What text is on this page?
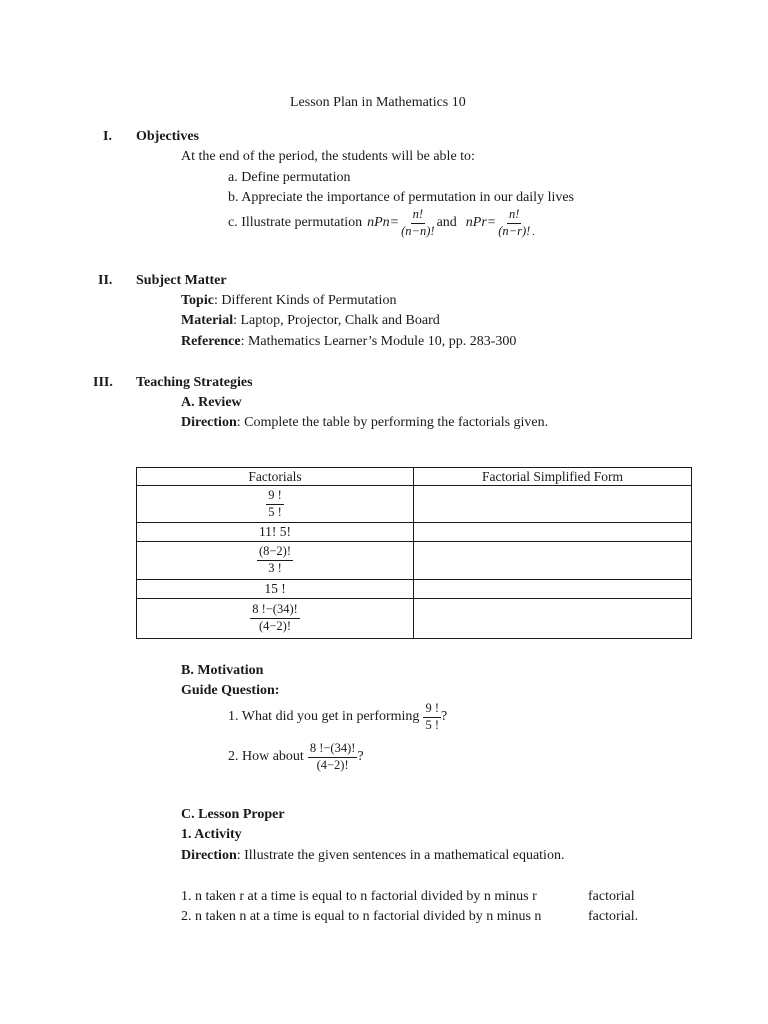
Lesson Plan in Mathematics 10
I. Objectives
At the end of the period, the students will be able to:
a. Define permutation
b. Appreciate the importance of permutation in our daily lives
c. Illustrate permutation $nPn= \frac{n!}{(n-n)!}$ and $nPr= \frac{n!}{(n-r)!}$ .
II. Subject Matter
Topic: Different Kinds of Permutation
Material: Laptop, Projector, Chalk and Board
Reference: Mathematics Learner’s Module 10, pp. 283-300
III. Teaching Strategies
A. Review
Direction: Complete the table by performing the factorials given.
Factorials	Factorial Simplified Form

$\frac{9 !}{5 !}$

11! 5!	

$\frac{(8-2)!}{3 !}$

15 !	

$\frac{8 !-(34)!}{(4-2)!}$

B. Motivation
Guide Question:
1. What did you get in performing $\frac{9 !}{5 !}$ ?
2. How about $\frac{8 !-(34)!}{(4-2)!}$ ?
C. Lesson Proper
1. Activity
Direction: Illustrate the given sentences in a mathematical equation.
1. n taken r at a time is equal to n factorial divided by n minus r	factorial
2. n taken n at a time is equal to n factorial divided by n minus n	factorial.
